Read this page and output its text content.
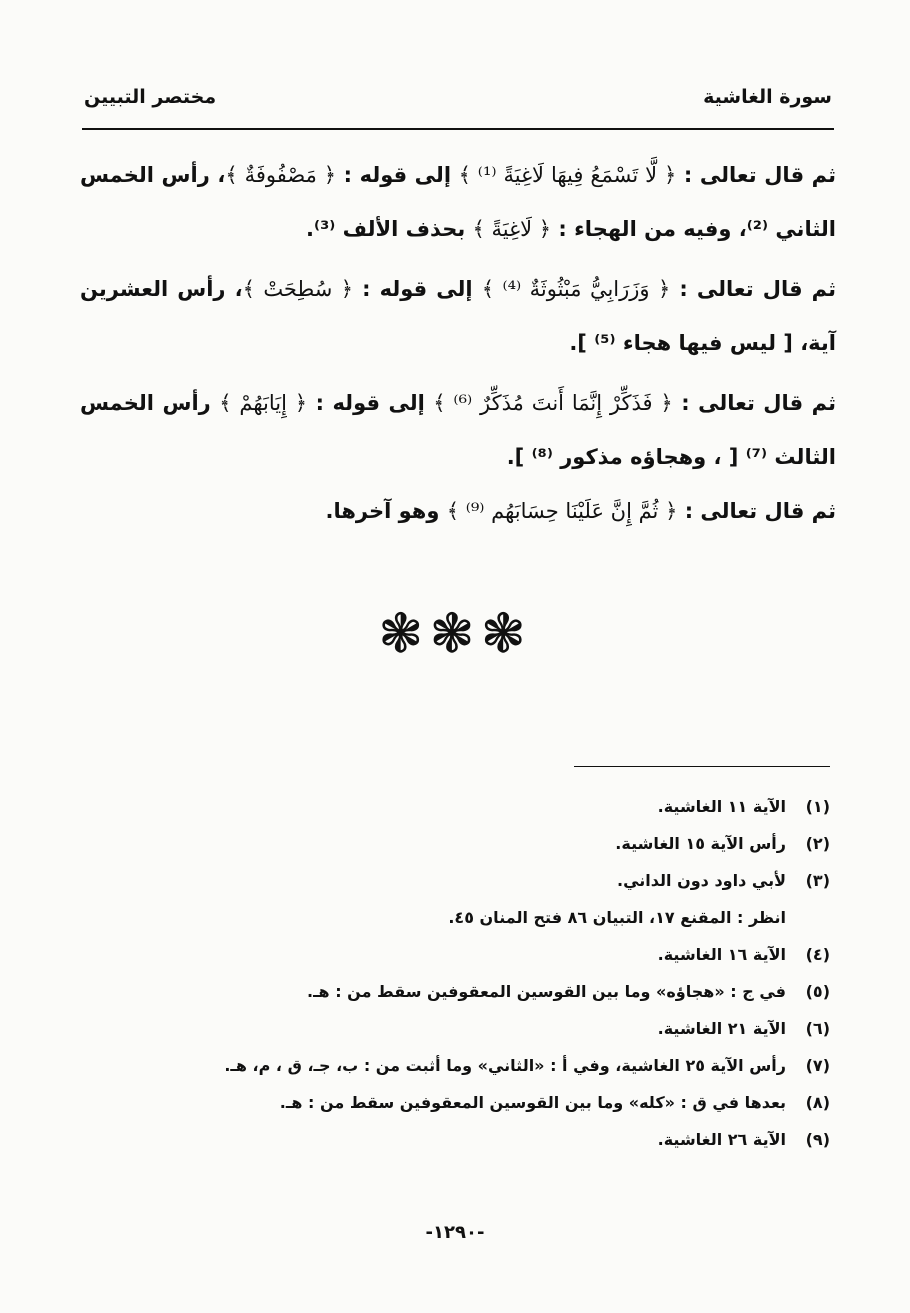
سورة الغاشية
مختصر التبيين
ثم قال تعالى : ﴿ لَّا تَسْمَعُ فِيهَا لَاغِيَةً ⁽¹⁾ ﴾ إلى قوله : ﴿ مَصْفُوفَةٌ ﴾، رأس الخمس الثاني ⁽²⁾، وفيه من الهجاء : ﴿ لَاغِيَةً ﴾ بحذف الألف ⁽³⁾.
ثم قال تعالى : ﴿ وَزَرَابِيُّ مَبْثُوثَةٌ ⁽⁴⁾ ﴾ إلى قوله : ﴿ سُطِحَتْ ﴾، رأس العشرين آية، [ ليس فيها هجاء ⁽⁵⁾ ].
ثم قال تعالى : ﴿ فَذَكِّرْ إِنَّمَا أَنتَ مُذَكِّرٌ ⁽⁶⁾ ﴾ إلى قوله : ﴿ إِيَابَهُمْ ﴾ رأس الخمس الثالث ⁽⁷⁾ [ ، وهجاؤه مذكور ⁽⁸⁾ ].
ثم قال تعالى : ﴿ ثُمَّ إِنَّ عَلَيْنَا حِسَابَهُم ⁽⁹⁾ ﴾ وهو آخرها.
❃❃❃
(١)الآية ١١ الغاشية.
(٢)رأس الآية ١٥ الغاشية.
(٣)لأبي داود دون الداني.
انظر : المقنع ١٧، التبيان ٨٦ فتح المنان ٤٥.
(٤)الآية ١٦ الغاشية.
(٥)في ج : «هجاؤه» وما بين القوسين المعقوفين سقط من : هـ.
(٦)الآية ٢١ الغاشية.
(٧)رأس الآية ٢٥ الغاشية، وفي أ : «الثاني» وما أثبت من : ب، جـ، ق ، م، هـ.
(٨)بعدها في ق : «كله» وما بين القوسين المعقوفين سقط من : هـ.
(٩)الآية ٢٦ الغاشية.
-١٢٩٠-
